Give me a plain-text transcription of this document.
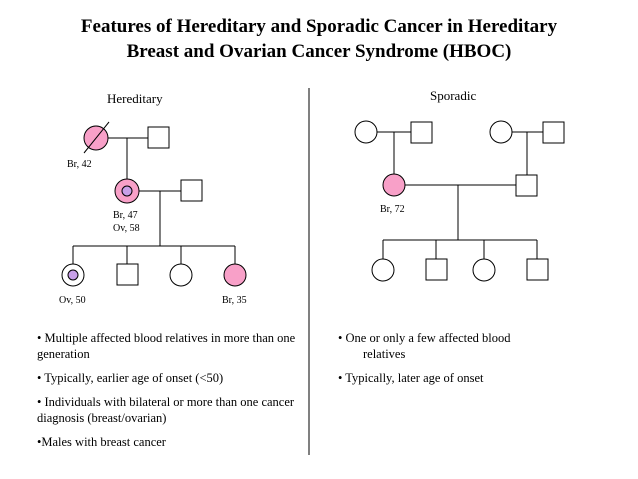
Features of Hereditary and Sporadic Cancer in Hereditary
Breast and Ovarian Cancer Syndrome (HBOC)
Hereditary
Br, 42
Br, 47
Ov, 58
Ov, 50	Br, 35
Sporadic
Br, 72

• Multiple affected blood relatives in more than one generation

• Typically, earlier age of onset (<50)

• Individuals with bilateral or more than one cancer diagnosis (breast/ovarian)

•Males with breast cancer

• One or only a few affected blood

relatives

• Typically, later age of onset
